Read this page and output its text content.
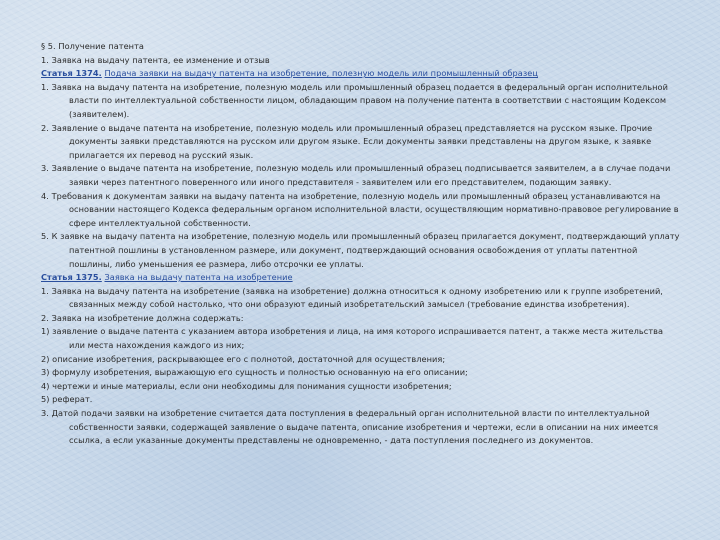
§ 5. Получение патента

1. Заявка на выдачу патента, ее изменение и отзыв

Статья 1374. Подача заявки на выдачу патента на изобретение, полезную модель или промышленный образец

1. Заявка на выдачу патента на изобретение, полезную модель или промышленный образец подается в федеральный орган исполнительной власти по интеллектуальной собственности лицом, обладающим правом на получение патента в соответствии с настоящим Кодексом (заявителем).

2. Заявление о выдаче патента на изобретение, полезную модель или промышленный образец представляется на русском языке. Прочие документы заявки представляются на русском или другом языке. Если документы заявки представлены на другом языке, к заявке прилагается их перевод на русский язык.

3. Заявление о выдаче патента на изобретение, полезную модель или промышленный образец подписывается заявителем, а в случае подачи заявки через патентного поверенного или иного представителя - заявителем или его представителем, подающим заявку.

4. Требования к документам заявки на выдачу патента на изобретение, полезную модель или промышленный образец устанавливаются на основании настоящего Кодекса федеральным органом исполнительной власти, осуществляющим нормативно-правовое регулирование в сфере интеллектуальной собственности.

5. К заявке на выдачу патента на изобретение, полезную модель или промышленный образец прилагается документ, подтверждающий уплату патентной пошлины в установленном размере, или документ, подтверждающий основания освобождения от уплаты патентной пошлины, либо уменьшения ее размера, либо отсрочки ее уплаты.

Статья 1375. Заявка на выдачу патента на изобретение

1. Заявка на выдачу патента на изобретение (заявка на изобретение) должна относиться к одному изобретению или к группе изобретений, связанных между собой настолько, что они образуют единый изобретательский замысел (требование единства изобретения).

2. Заявка на изобретение должна содержать:

1) заявление о выдаче патента с указанием автора изобретения и лица, на имя которого испрашивается патент, а также места жительства или места нахождения каждого из них;

2) описание изобретения, раскрывающее его с полнотой, достаточной для осуществления;

3) формулу изобретения, выражающую его сущность и полностью основанную на его описании;

4) чертежи и иные материалы, если они необходимы для понимания сущности изобретения;

5) реферат.

3. Датой подачи заявки на изобретение считается дата поступления в федеральный орган исполнительной власти по интеллектуальной собственности заявки, содержащей заявление о выдаче патента, описание изобретения и чертежи, если в описании на них имеется ссылка, а если указанные документы представлены не одновременно, - дата поступления последнего из документов.
